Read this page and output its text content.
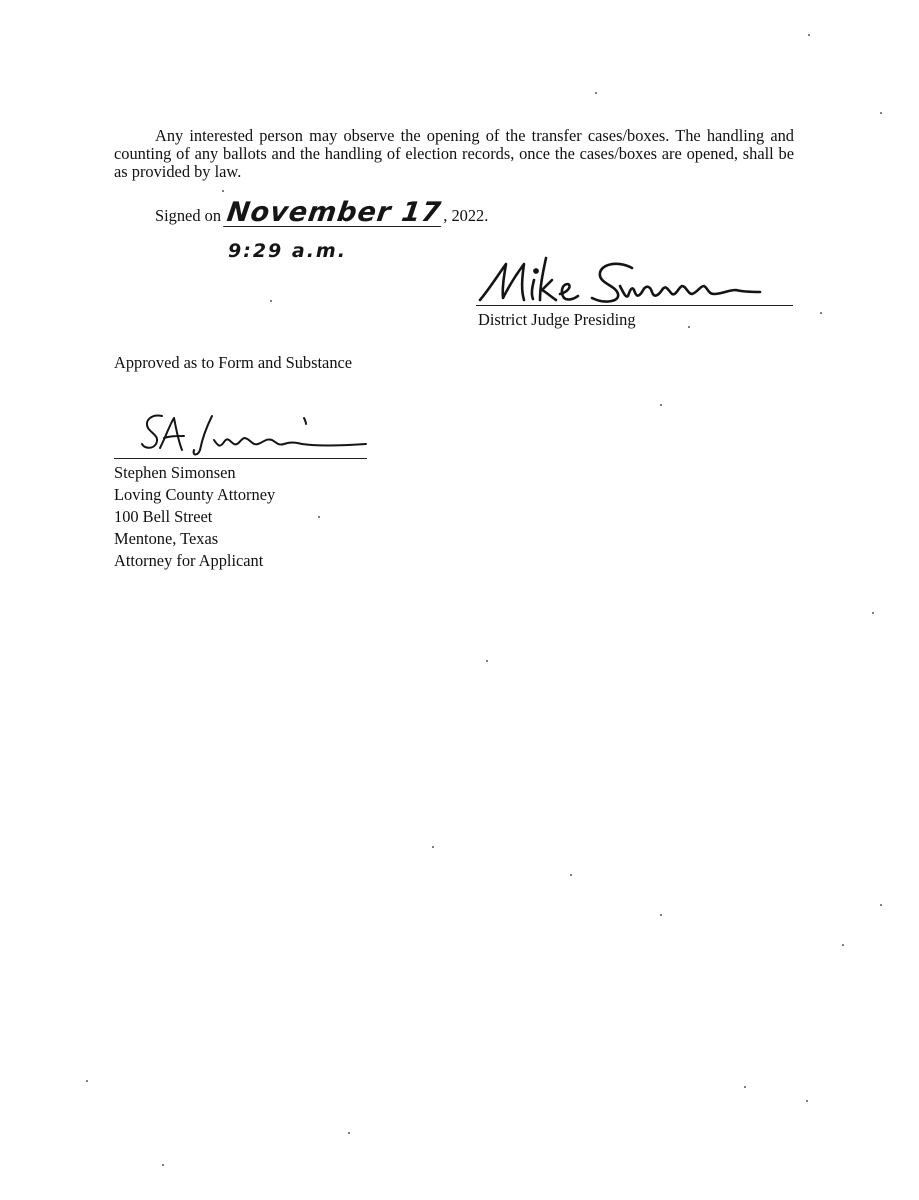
Any interested person may observe the opening of the transfer cases/boxes. The handling and counting of any ballots and the handling of election records, once the cases/boxes are opened, shall be as provided by law.
Signed on November 17, 2022.
9:29 a.m.
District Judge Presiding
Approved as to Form and Substance
Stephen Simonsen
Loving County Attorney
100 Bell Street
Mentone, Texas
Attorney for Applicant
